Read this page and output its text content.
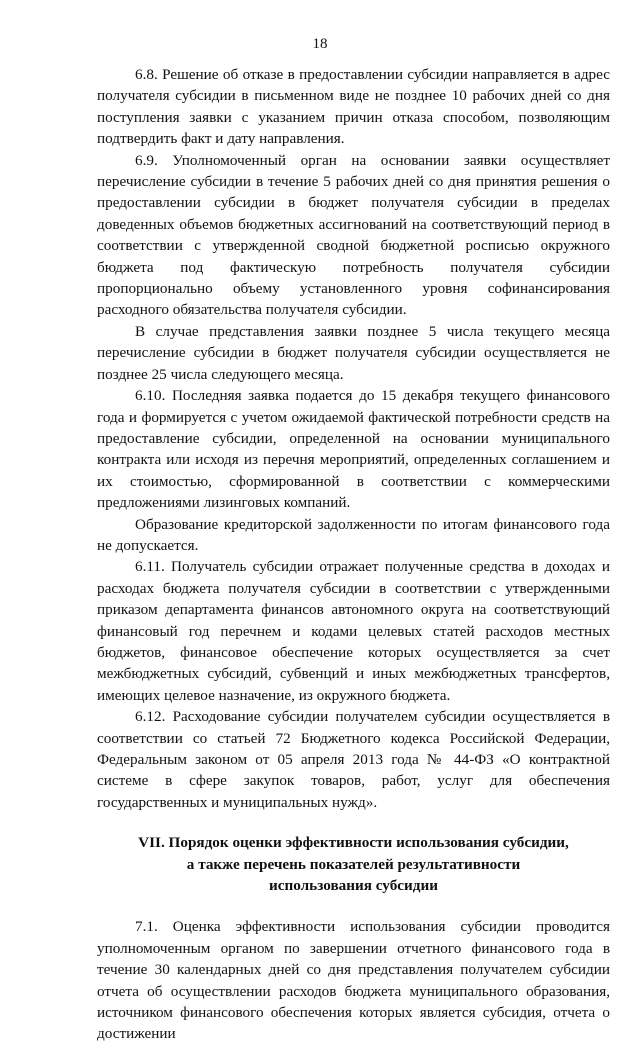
18

6.8. Решение об отказе в предоставлении субсидии направляется в адрес получателя субсидии в письменном виде не позднее 10 рабочих дней со дня поступления заявки с указанием причин отказа способом, позволяющим подтвердить факт и дату направления.

6.9. Уполномоченный орган на основании заявки осуществляет перечисление субсидии в течение 5 рабочих дней со дня принятия решения о предоставлении субсидии в бюджет получателя субсидии в пределах доведенных объемов бюджетных ассигнований на соответствующий период в соответствии с утвержденной сводной бюджетной росписью окружного бюджета под фактическую потребность получателя субсидии пропорционально объему установленного уровня софинансирования расходного обязательства получателя субсидии.

В случае представления заявки позднее 5 числа текущего месяца перечисление субсидии в бюджет получателя субсидии осуществляется не позднее 25 числа следующего месяца.

6.10. Последняя заявка подается до 15 декабря текущего финансового года и формируется с учетом ожидаемой фактической потребности средств на предоставление субсидии, определенной на основании муниципального контракта или исходя из перечня мероприятий, определенных соглашением и их стоимостью, сформированной в соответствии с коммерческими предложениями лизинговых компаний.

Образование кредиторской задолженности по итогам финансового года не допускается.

6.11. Получатель субсидии отражает полученные средства в доходах и расходах бюджета получателя субсидии в соответствии с утвержденными приказом департамента финансов автономного округа на соответствующий финансовый год перечнем и кодами целевых статей расходов местных бюджетов, финансовое обеспечение которых осуществляется за счет межбюджетных субсидий, субвенций и иных межбюджетных трансфертов, имеющих целевое назначение, из окружного бюджета.

6.12. Расходование субсидии получателем субсидии осуществляется в соответствии со статьей 72 Бюджетного кодекса Российской Федерации, Федеральным законом от 05 апреля 2013 года № 44-ФЗ «О контрактной системе в сфере закупок товаров, работ, услуг для обеспечения государственных и муниципальных нужд».

VII. Порядок оценки эффективности использования субсидии,
а также перечень показателей результативности
использования субсидии

7.1. Оценка эффективности использования субсидии проводится уполномоченным органом по завершении отчетного финансового года в течение 30 календарных дней со дня представления получателем субсидии отчета об осуществлении расходов бюджета муниципального образования, источником финансового обеспечения которых является субсидия, отчета о достижении
